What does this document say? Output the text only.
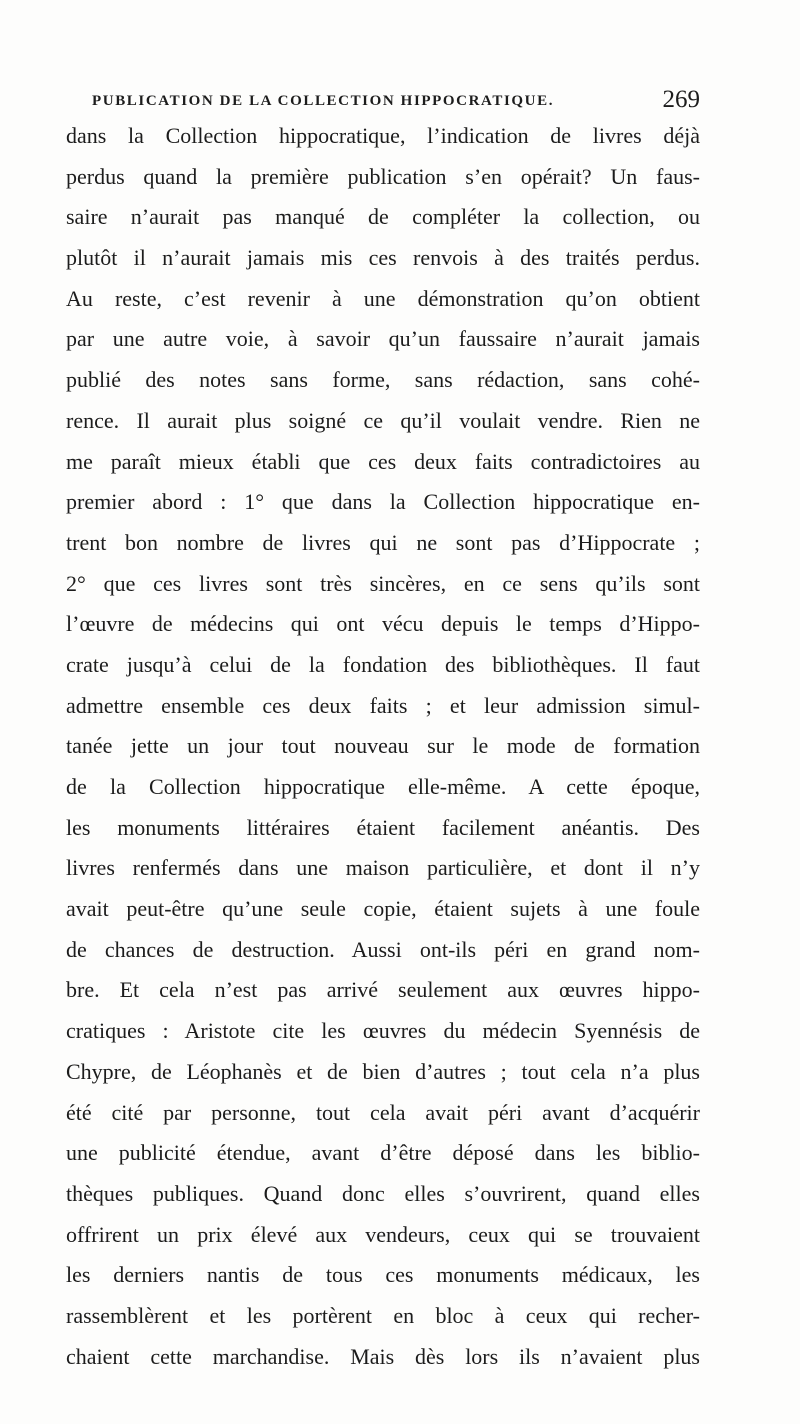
PUBLICATION DE LA COLLECTION HIPPOCRATIQUE.	269
dans la Collection hippocratique, l’indication de livres déjà
perdus quand la première publication s’en opérait? Un faus-
saire n’aurait pas manqué de compléter la collection, ou
plutôt il n’aurait jamais mis ces renvois à des traités perdus.
Au reste, c’est revenir à une démonstration qu’on obtient
par une autre voie, à savoir qu’un faussaire n’aurait jamais
publié des notes sans forme, sans rédaction, sans cohé-
rence. Il aurait plus soigné ce qu’il voulait vendre. Rien ne
me paraît mieux établi que ces deux faits contradictoires au
premier abord : 1° que dans la Collection hippocratique en-
trent bon nombre de livres qui ne sont pas d’Hippocrate ;
2° que ces livres sont très sincères, en ce sens qu’ils sont
l’œuvre de médecins qui ont vécu depuis le temps d’Hippo-
crate jusqu’à celui de la fondation des bibliothèques. Il faut
admettre ensemble ces deux faits ; et leur admission simul-
tanée jette un jour tout nouveau sur le mode de formation
de la Collection hippocratique elle-même. A cette époque,
les monuments littéraires étaient facilement anéantis. Des
livres renfermés dans une maison particulière, et dont il n’y
avait peut-être qu’une seule copie, étaient sujets à une foule
de chances de destruction. Aussi ont-ils péri en grand nom-
bre. Et cela n’est pas arrivé seulement aux œuvres hippo-
cratiques : Aristote cite les œuvres du médecin Syennésis de
Chypre, de Léophanès et de bien d’autres ; tout cela n’a plus
été cité par personne, tout cela avait péri avant d’acquérir
une publicité étendue, avant d’être déposé dans les biblio-
thèques publiques. Quand donc elles s’ouvrirent, quand elles
offrirent un prix élevé aux vendeurs, ceux qui se trouvaient
les derniers nantis de tous ces monuments médicaux, les
rassemblèrent et les portèrent en bloc à ceux qui recher-
chaient cette marchandise. Mais dès lors ils n’avaient plus
